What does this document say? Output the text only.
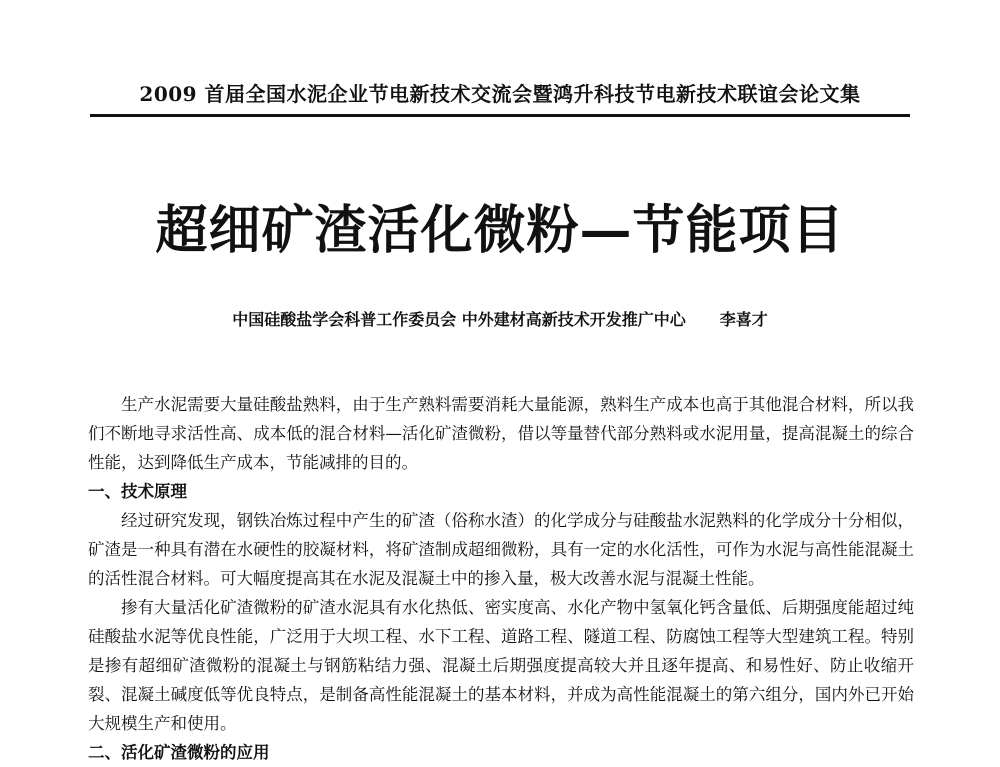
2009 首届全国水泥企业节电新技术交流会暨鸿升科技节电新技术联谊会论文集
超细矿渣活化微粉—节能项目
中国硅酸盐学会科普工作委员会 中外建材高新技术开发推广中心 李喜才

生产水泥需要大量硅酸盐熟料，由于生产熟料需要消耗大量能源，熟料生产成本也高于其他混合材料，所以我们不断地寻求活性高、成本低的混合材料—活化矿渣微粉，借以等量替代部分熟料或水泥用量，提高混凝土的综合性能，达到降低生产成本，节能减排的目的。

一、技术原理

经过研究发现，钢铁冶炼过程中产生的矿渣（俗称水渣）的化学成分与硅酸盐水泥熟料的化学成分十分相似，矿渣是一种具有潜在水硬性的胶凝材料，将矿渣制成超细微粉，具有一定的水化活性，可作为水泥与高性能混凝土的活性混合材料。可大幅度提高其在水泥及混凝土中的掺入量，极大改善水泥与混凝土性能。

掺有大量活化矿渣微粉的矿渣水泥具有水化热低、密实度高、水化产物中氢氧化钙含量低、后期强度能超过纯硅酸盐水泥等优良性能，广泛用于大坝工程、水下工程、道路工程、隧道工程、防腐蚀工程等大型建筑工程。特别是掺有超细矿渣微粉的混凝土与钢筋粘结力强、混凝土后期强度提高较大并且逐年提高、和易性好、防止收缩开裂、混凝土碱度低等优良特点，是制备高性能混凝土的基本材料，并成为高性能混凝土的第六组分，国内外已开始大规模生产和使用。

二、活化矿渣微粉的应用
